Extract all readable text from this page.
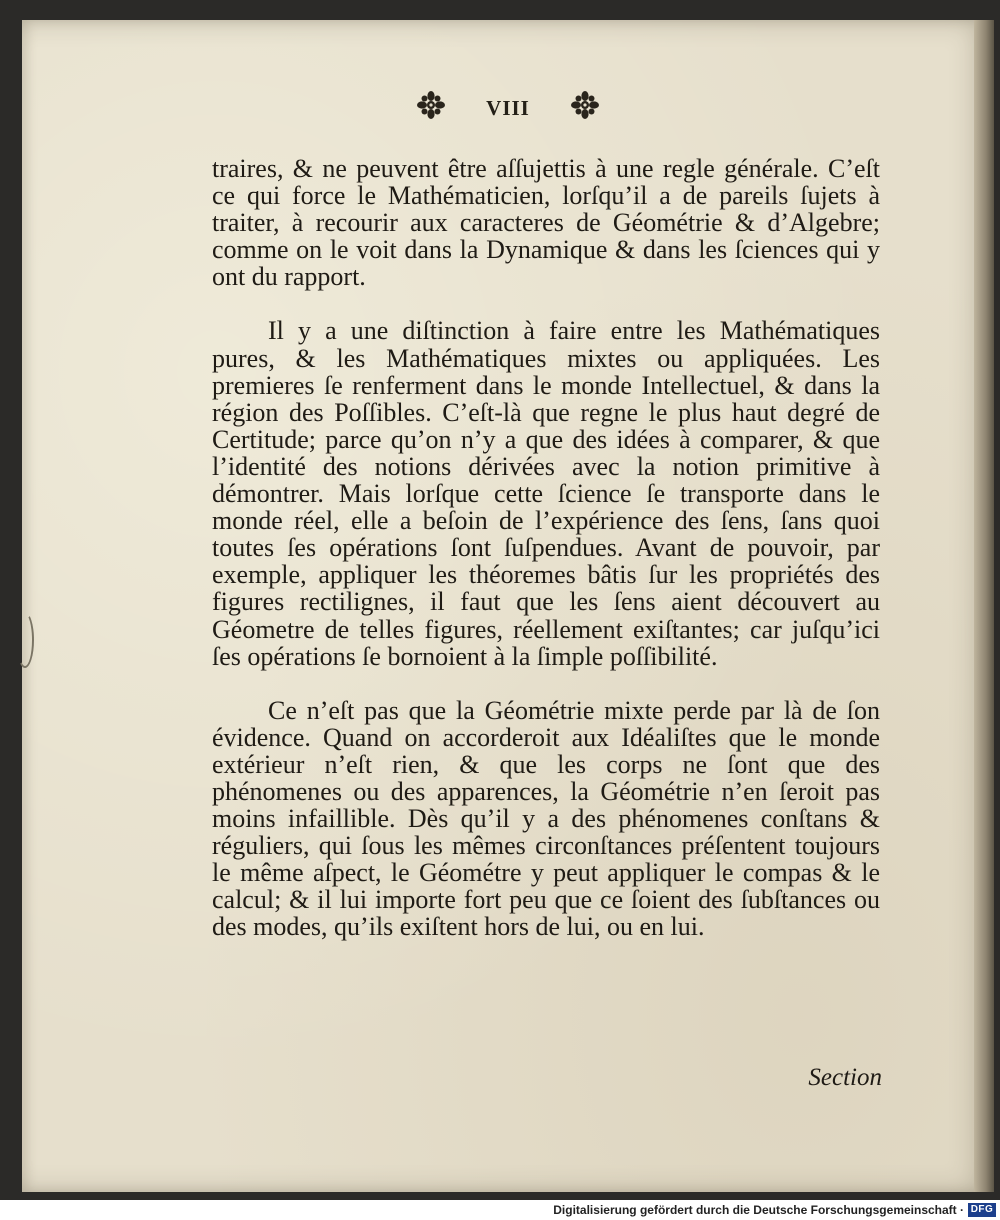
VIII

traires, & ne peuvent être aſſujettis à une regle générale. C’eſt ce qui force le Mathématicien, lorſqu’il a de pareils ſujets à traiter, à recourir aux caracteres de Géométrie & d’Algebre; comme on le voit dans la Dynamique & dans les ſciences qui y ont du rapport.

Il y a une diſtinction à faire entre les Mathématiques pures, & les Mathématiques mixtes ou appliquées. Les premieres ſe renferment dans le monde Intellectuel, & dans la région des Poſſibles. C’eſt-là que regne le plus haut degré de Certitude; parce qu’on n’y a que des idées à comparer, & que l’identité des notions dérivées avec la notion primitive à démontrer. Mais lorſque cette ſcience ſe transporte dans le monde réel, elle a beſoin de l’expérience des ſens, ſans quoi toutes ſes opérations ſont ſuſpendues. Avant de pouvoir, par exemple, appliquer les théoremes bâtis ſur les propriétés des figures rectilignes, il faut que les ſens aient découvert au Géometre de telles figures, réellement exiſtantes; car juſqu’ici ſes opérations ſe bornoient à la ſimple poſſibilité.

Ce n’eſt pas que la Géométrie mixte perde par là de ſon évidence. Quand on accorderoit aux Idéaliſtes que le monde extérieur n’eſt rien, & que les corps ne ſont que des phénomenes ou des apparences, la Géométrie n’en ſeroit pas moins infaillible. Dès qu’il y a des phénomenes conſtans & réguliers, qui ſous les mêmes circonſtances préſentent toujours le même aſpect, le Géométre y peut appliquer le compas & le calcul; & il lui importe fort peu que ce ſoient des ſubſtances ou des modes, qu’ils exiſtent hors de lui, ou en lui.

Section
Digitalisierung gefördert durch die Deutsche Forschungsgemeinschaft · DFG
